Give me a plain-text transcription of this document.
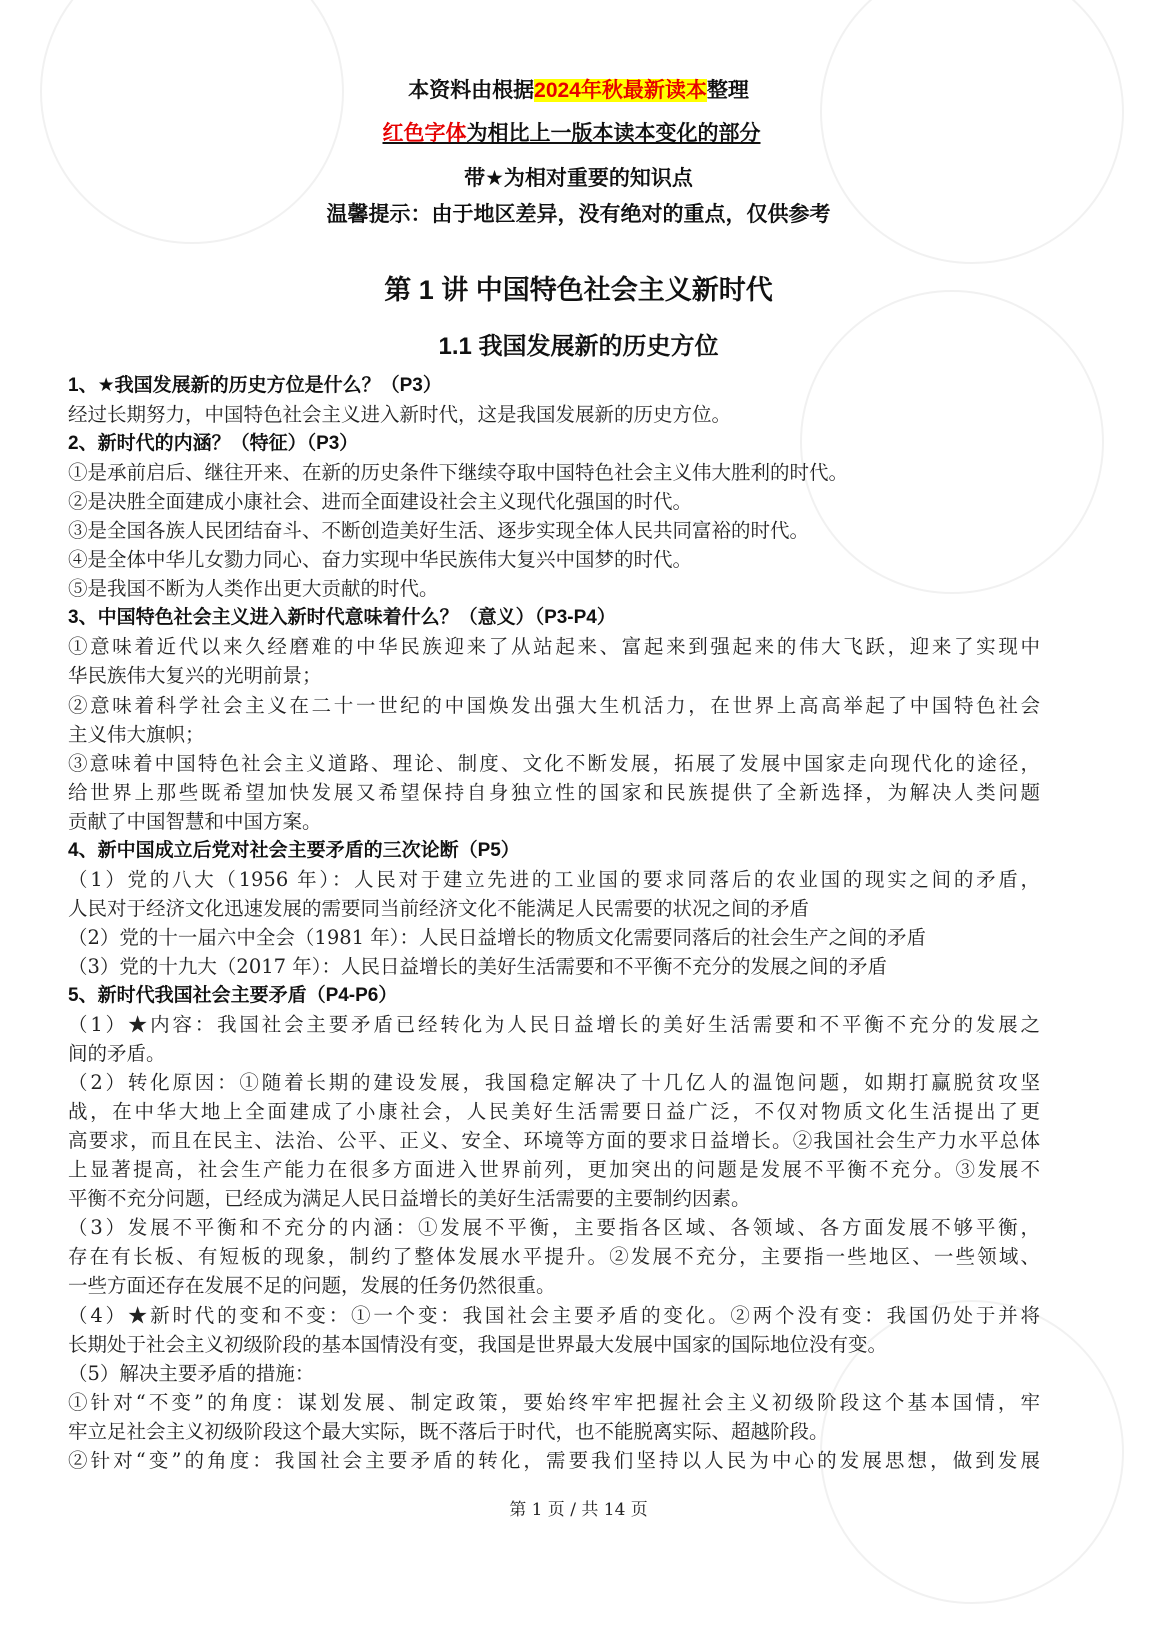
本资料由根据2024年秋最新读本整理
红色字体为相比上一版本读本变化的部分
带★为相对重要的知识点
温馨提示：由于地区差异，没有绝对的重点，仅供参考
第 1 讲 中国特色社会主义新时代
1.1 我国发展新的历史方位
1、★我国发展新的历史方位是什么？（P3）
经过长期努力，中国特色社会主义进入新时代，这是我国发展新的历史方位。
2、新时代的内涵？（特征）（P3）
①是承前启后、继往开来、在新的历史条件下继续夺取中国特色社会主义伟大胜利的时代。
②是决胜全面建成小康社会、进而全面建设社会主义现代化强国的时代。
③是全国各族人民团结奋斗、不断创造美好生活、逐步实现全体人民共同富裕的时代。
④是全体中华儿女勠力同心、奋力实现中华民族伟大复兴中国梦的时代。
⑤是我国不断为人类作出更大贡献的时代。
3、中国特色社会主义进入新时代意味着什么？（意义）（P3-P4）
①意味着近代以来久经磨难的中华民族迎来了从站起来、富起来到强起来的伟大飞跃，迎来了实现中
华民族伟大复兴的光明前景；
②意味着科学社会主义在二十一世纪的中国焕发出强大生机活力，在世界上高高举起了中国特色社会
主义伟大旗帜；
③意味着中国特色社会主义道路、理论、制度、文化不断发展，拓展了发展中国家走向现代化的途径，
给世界上那些既希望加快发展又希望保持自身独立性的国家和民族提供了全新选择，为解决人类问题
贡献了中国智慧和中国方案。
4、新中国成立后党对社会主要矛盾的三次论断（P5）
（1）党的八大（1956 年）：人民对于建立先进的工业国的要求同落后的农业国的现实之间的矛盾，
人民对于经济文化迅速发展的需要同当前经济文化不能满足人民需要的状况之间的矛盾
（2）党的十一届六中全会（1981 年）：人民日益增长的物质文化需要同落后的社会生产之间的矛盾
（3）党的十九大（2017 年）：人民日益增长的美好生活需要和不平衡不充分的发展之间的矛盾
5、新时代我国社会主要矛盾（P4-P6）
（1）★内容：我国社会主要矛盾已经转化为人民日益增长的美好生活需要和不平衡不充分的发展之
间的矛盾。
（2）转化原因：①随着长期的建设发展，我国稳定解决了十几亿人的温饱问题，如期打赢脱贫攻坚
战，在中华大地上全面建成了小康社会，人民美好生活需要日益广泛，不仅对物质文化生活提出了更
高要求，而且在民主、法治、公平、正义、安全、环境等方面的要求日益增长。②我国社会生产力水平总体
上显著提高，社会生产能力在很多方面进入世界前列，更加突出的问题是发展不平衡不充分。③发展不
平衡不充分问题，已经成为满足人民日益增长的美好生活需要的主要制约因素。
（3）发展不平衡和不充分的内涵：①发展不平衡，主要指各区域、各领域、各方面发展不够平衡，
存在有长板、有短板的现象，制约了整体发展水平提升。②发展不充分，主要指一些地区、一些领域、
一些方面还存在发展不足的问题，发展的任务仍然很重。
（4）★新时代的变和不变：①一个变：我国社会主要矛盾的变化。②两个没有变：我国仍处于并将
长期处于社会主义初级阶段的基本国情没有变，我国是世界最大发展中国家的国际地位没有变。
（5）解决主要矛盾的措施：
①针对“不变”的角度：谋划发展、制定政策，要始终牢牢把握社会主义初级阶段这个基本国情，牢
牢立足社会主义初级阶段这个最大实际，既不落后于时代，也不能脱离实际、超越阶段。
②针对“变”的角度：我国社会主要矛盾的转化，需要我们坚持以人民为中心的发展思想，做到发展
第 1 页 / 共 14 页
